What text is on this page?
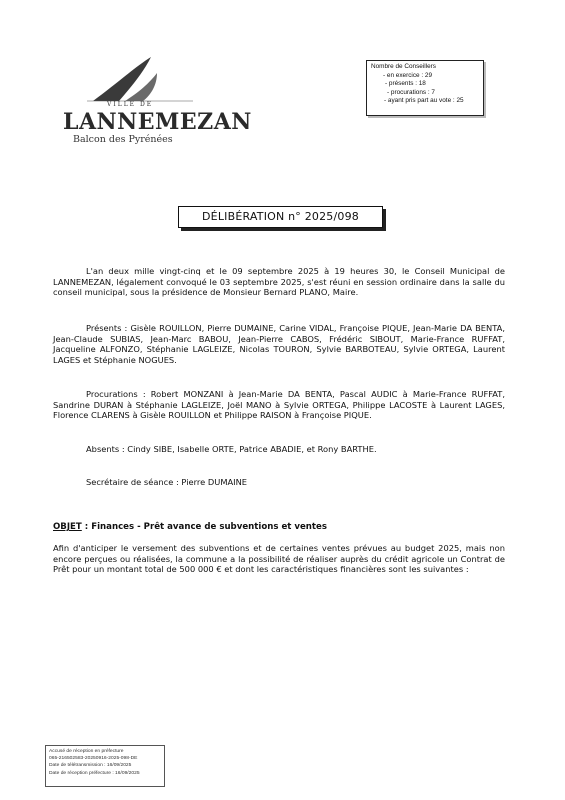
VILLE DE
LANNEMEZAN
Balcon des Pyrénées
Nombre de Conseillers
- en exercice : 29
- présents : 18
- procurations : 7
- ayant pris part au vote : 25
DÉLIBÉRATION n° 2025/098
L'an deux mille vingt-cinq et le 09 septembre 2025 à 19 heures 30, le Conseil Municipal de LANNEMEZAN, légalement convoqué le 03 septembre 2025, s'est réuni en session ordinaire dans la salle du conseil municipal, sous la présidence de Monsieur Bernard PLANO, Maire.
Présents : Gisèle ROUILLON, Pierre DUMAINE, Carine VIDAL, Françoise PIQUE, Jean-Marie DA BENTA, Jean-Claude SUBIAS, Jean-Marc BABOU, Jean-Pierre CABOS, Frédéric SIBOUT, Marie-France RUFFAT, Jacqueline ALFONZO, Stéphanie LAGLEIZE, Nicolas TOURON, Sylvie BARBOTEAU, Sylvie ORTEGA, Laurent LAGES et Stéphanie NOGUES.
Procurations : Robert MONZANI à Jean-Marie DA BENTA, Pascal AUDIC à Marie-France RUFFAT, Sandrine DURAN à Stéphanie LAGLEIZE, Joël MANO à Sylvie ORTEGA, Philippe LACOSTE à Laurent LAGES, Florence CLARENS à Gisèle ROUILLON et Philippe RAISON à Françoise PIQUE.
Absents : Cindy SIBE, Isabelle ORTE, Patrice ABADIE, et Rony BARTHE.
Secrétaire de séance : Pierre DUMAINE
OBJET : Finances - Prêt avance de subventions et ventes
Afin d'anticiper le versement des subventions et de certaines ventes prévues au budget 2025, mais non encore perçues ou réalisées, la commune a la possibilité de réaliser auprès du crédit agricole un Contrat de Prêt pour un montant total de 500 000 € et dont les caractéristiques financières sont les suivantes :
Accusé de réception en préfecture
065-216502583-20250916-2025-098-DE
Date de télétransmission : 16/09/2025
Date de réception préfecture : 16/09/2025
